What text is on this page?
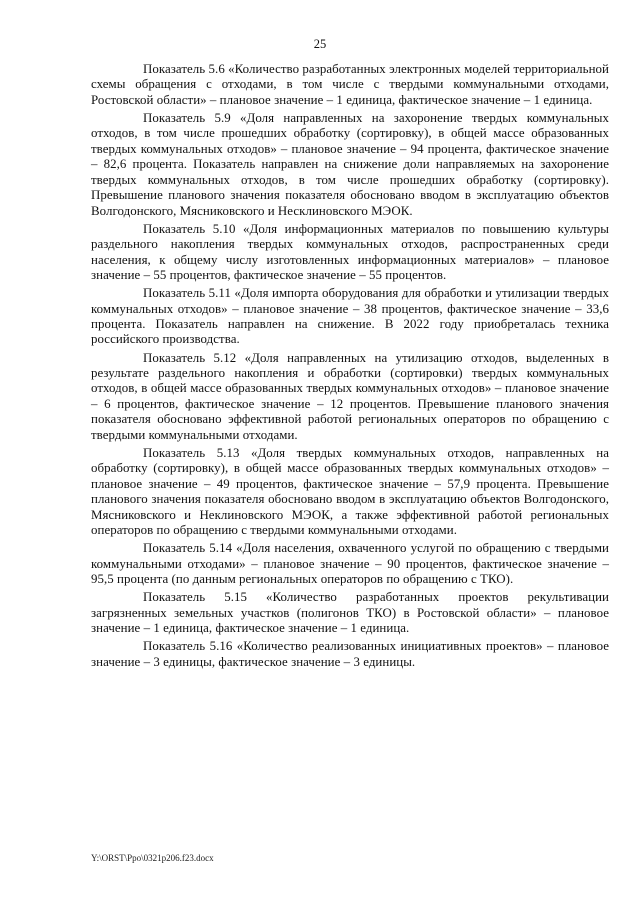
25

Показатель 5.6 «Количество разработанных электронных моделей территориальной схемы обращения с отходами, в том числе с твердыми коммунальными отходами, Ростовской области» – плановое значение – 1 единица, фактическое значение – 1 единица.

Показатель 5.9 «Доля направленных на захоронение твердых коммунальных отходов, в том числе прошедших обработку (сортировку), в общей массе образованных твердых коммунальных отходов» – плановое значение – 94 процента, фактическое значение – 82,6 процента. Показатель направлен на снижение доли направляемых на захоронение твердых коммунальных отходов, в том числе прошедших обработку (сортировку). Превышение планового значения показателя обосновано вводом в эксплуатацию объектов Волгодонского, Мясниковского и Несклиновского МЭОК.

Показатель 5.10 «Доля информационных материалов по повышению культуры раздельного накопления твердых коммунальных отходов, распространенных среди населения, к общему числу изготовленных информационных материалов» – плановое значение – 55 процентов, фактическое значение – 55 процентов.

Показатель 5.11 «Доля импорта оборудования для обработки и утилизации твердых коммунальных отходов» – плановое значение – 38 процентов, фактическое значение – 33,6 процента. Показатель направлен на снижение. В 2022 году приобреталась техника российского производства.

Показатель 5.12 «Доля направленных на утилизацию отходов, выделенных в результате раздельного накопления и обработки (сортировки) твердых коммунальных отходов, в общей массе образованных твердых коммунальных отходов» – плановое значение – 6 процентов, фактическое значение – 12 процентов. Превышение планового значения показателя обосновано эффективной работой региональных операторов по обращению с твердыми коммунальными отходами.

Показатель 5.13 «Доля твердых коммунальных отходов, направленных на обработку (сортировку), в общей массе образованных твердых коммунальных отходов» – плановое значение – 49 процентов, фактическое значение – 57,9 процента. Превышение планового значения показателя обосновано вводом в эксплуатацию объектов Волгодонского, Мясниковского и Неклиновского МЭОК, а также эффективной работой региональных операторов по обращению с твердыми коммунальными отходами.

Показатель 5.14 «Доля населения, охваченного услугой по обращению с твердыми коммунальными отходами» – плановое значение – 90 процентов, фактическое значение – 95,5 процента (по данным региональных операторов по обращению с ТКО).

Показатель 5.15 «Количество разработанных проектов рекультивации загрязненных земельных участков (полигонов ТКО) в Ростовской области» – плановое значение – 1 единица, фактическое значение – 1 единица.

Показатель 5.16 «Количество реализованных инициативных проектов» – плановое значение – 3 единицы, фактическое значение – 3 единицы.

Y:\ORST\Ppo\0321p206.f23.docx
